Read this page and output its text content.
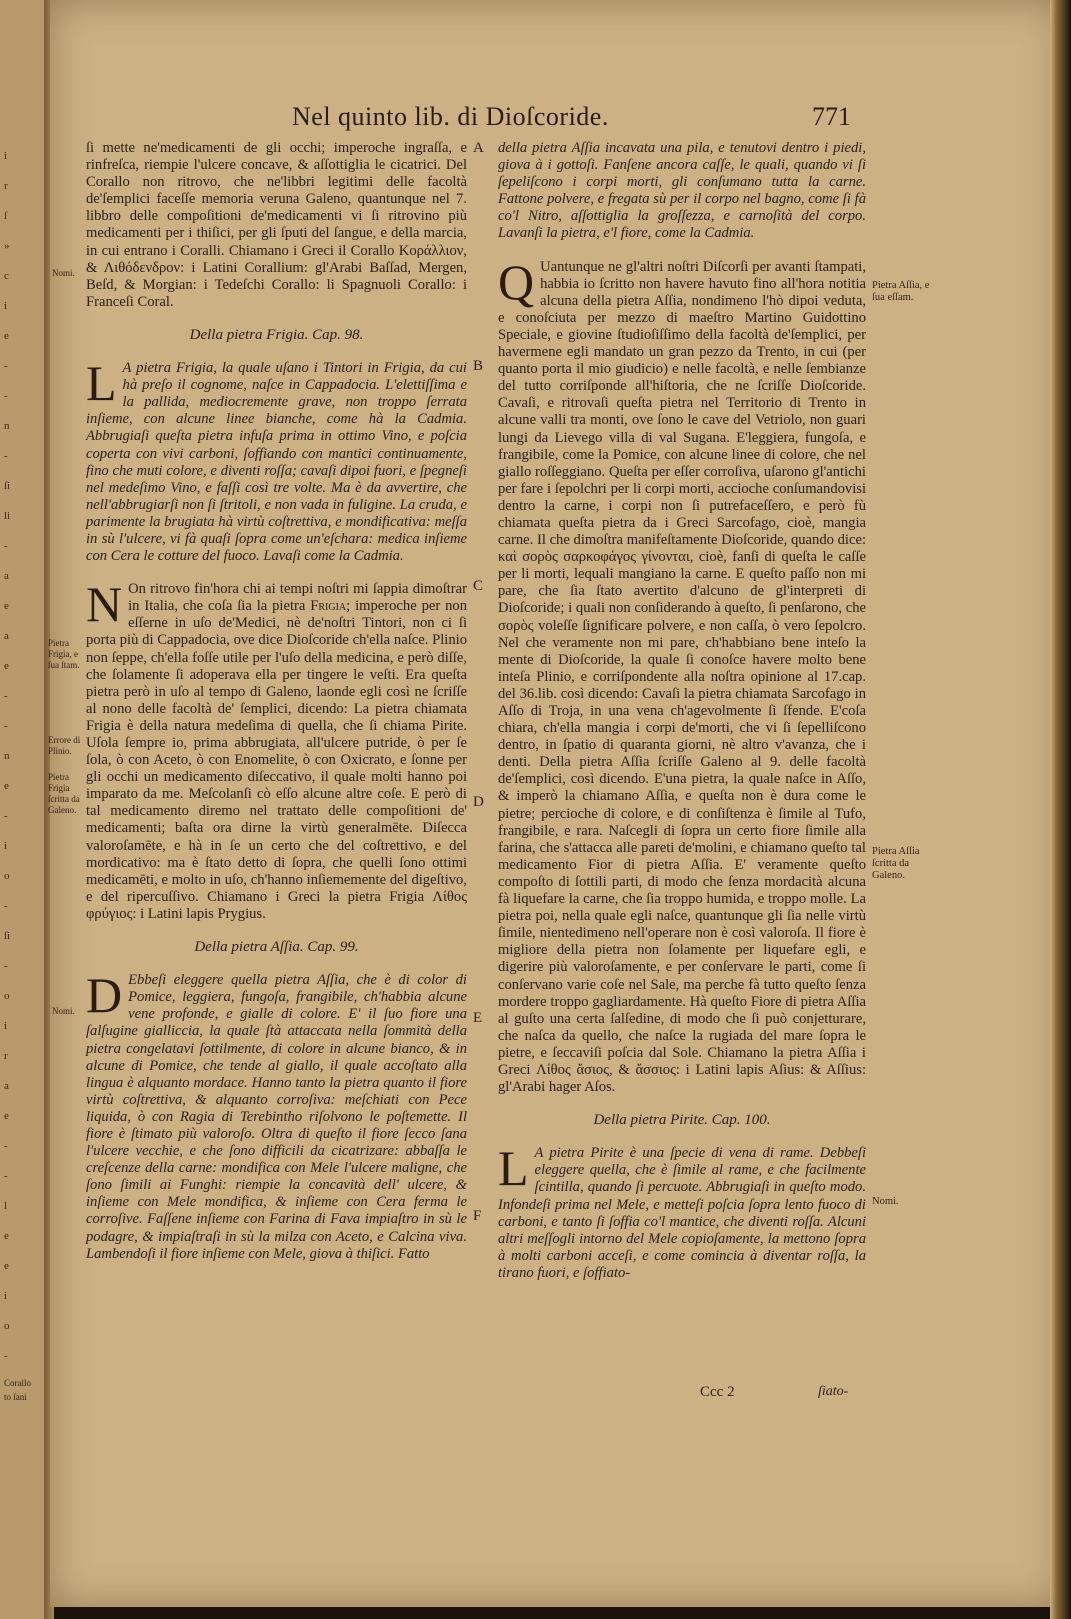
i
r
ſ
»
c
i
e
-
-
n
-
ſi
li
-
a
e
a
e
-
-
n
e
-
i
o
-
ſi
-
o
i
r
a
e
-
-
l
e
e
i
o
-
Nel quinto lib. di Dioſcoride.	771

ſi mette ne'medicamenti de gli occhi; imperoche ingraſſa, e rinfreſca, riempie l'ulcere concave, & aſſottiglia le cicatrici. Del Corallo non ritrovo, che ne'libbri legitimi delle facoltà de'ſemplici faceſſe memoria veruna Galeno, quantunque nel 7. libbro delle compoſitioni de'medicamenti vi ſi ritrovino più medicamenti per i thiſici, per gli ſputi del ſangue, e della marcia, in cui entrano i Coralli. Chiamano i Greci il Corallo Κοράλλιον, & Λιθόδενδρον: i Latini Corallium: gl'Arabi Baſſad, Mergen, Beſd, & Morgian: i Tedeſchi Corallo: li Spagnuoli Corallo: i Franceſi Coral.

Della pietra Frigia. Cap. 98.

L A pietra Frigia, la quale uſano i Tintori in Frigia, da cui hà preſo il cognome, naſce in Cappadocia. L'elettiſſima e la pallida, mediocremente grave, non troppo ſerrata inſieme, con alcune linee bianche, come hà la Cadmia. Abbrugiaſi queſta pietra infuſa prima in ottimo Vino, e poſcia coperta con vivi carboni, ſoffiando con mantici continuamente, fino che muti colore, e diventi roſſa; cavaſi dipoi fuori, e ſpegneſi nel medeſimo Vino, e faſſi così tre volte. Ma è da avvertire, che nell'abbrugiarſi non ſi ſtritoli, e non vada in fuligine. La cruda, e parimente la brugiata hà virtù coſtrettiva, e mondificativa: meſſa in sù l'ulcere, vi fà quaſi ſopra come un'eſchara: medica inſieme con Cera le cotture del fuoco. Lavaſi come la Cadmia.

N On ritrovo fin'hora chi ai tempi noſtri mi ſappia dimoſtrar in Italia, che coſa ſia la pietra Frigia; imperoche per non eſſerne in uſo de'Medici, nè de'noſtri Tintori, non ci ſi porta più di Cappadocia, ove dice Dioſcoride ch'ella naſce. Plinio non ſeppe, ch'ella foſſe utile per l'uſo della medicina, e però diſſe, che ſolamente ſi adoperava ella per tingere le veſti. Era queſta pietra però in uſo al tempo di Galeno, laonde egli così ne ſcriſſe al nono delle facoltà de' ſemplici, dicendo: La pietra chiamata Frigia è della natura medeſima di quella, che ſi chiama Pirite. Uſola ſempre io, prima abbrugiata, all'ulcere putride, ò per ſe ſola, ò con Aceto, ò con Enomelite, ò con Oxicrato, e ſonne per gli occhi un medicamento diſeccativo, il quale molti hanno poi imparato da me. Meſcolanſi cò eſſo alcune altre coſe. E però di tal medicamento diremo nel trattato delle compoſitioni de' medicamenti; baſta ora dirne la virtù generalmēte. Diſecca valoroſamēte, e hà in ſe un certo che del coſtrettivo, e del mordicativo: ma è ſtato detto di ſopra, che quelli ſono ottimi medicamēti, e molto in uſo, ch'hanno inſiememente del digeſtivo, e del ripercuſſivo. Chiamano i Greci la pietra Frigia Λίθος φρύγιος: i Latini lapis Prygius.

Della pietra Aſſia. Cap. 99.

D Ebbeſi eleggere quella pietra Aſſia, che è di color di Pomice, leggiera, fungoſa, frangibile, ch'habbia alcune vene profonde, e gialle di colore. E' il ſuo fiore una ſalſugine gialliccia, la quale ſtà attaccata nella ſommità della pietra congelatavi ſottilmente, di colore in alcune bianco, & in alcune di Pomice, che tende al giallo, il quale accoſtato alla lingua è alquanto mordace. Hanno tanto la pietra quanto il fiore virtù coſtrettiva, & alquanto corroſiva: meſchiati con Pece liquida, ò con Ragia di Terebintho riſolvono le poſtemette. Il fiore è ſtimato più valoroſo. Oltra di queſto il fiore ſecco ſana l'ulcere vecchie, e che ſono difficili da cicatrizare: abbaſſa le creſcenze della carne: mondifica con Mele l'ulcere maligne, che ſono ſimili ai Funghi: riempie la concavità dell' ulcere, & inſieme con Mele mondifica, & inſieme con Cera ferma le corroſive. Faſſene inſieme con Farina di Fava impiaſtro in sù le podagre, & impiaſtraſi in sù la milza con Aceto, e Calcina viva. Lambendoſi il fiore inſieme con Mele, giova à thiſici. Fatto

della pietra Aſſia incavata una pila, e tenutovi dentro i piedi, giova à i gottoſi. Fanſene ancora caſſe, le quali, quando vi ſi ſepeliſcono i corpi morti, gli conſumano tutta la carne. Fattone polvere, e fregata sù per il corpo nel bagno, come ſi fà co'l Nitro, aſſottiglia la groſſezza, e carnoſità del corpo. Lavanſi la pietra, e'l fiore, come la Cadmia.

Q Uantunque ne gl'altri noſtri Diſcorſi per avanti ſtampati, habbia io ſcritto non havere havuto fino all'hora notitia alcuna della pietra Aſſia, nondimeno l'hò dipoi veduta, e conoſciuta per mezzo di maeſtro Martino Guidottino Speciale, e giovine ſtudioſiſſimo della facoltà de'ſemplici, per havermene egli mandato un gran pezzo da Trento, in cui (per quanto porta il mio giudicio) e nelle facoltà, e nelle ſembianze del tutto corriſponde all'hiſtoria, che ne ſcriſſe Dioſcoride. Cavaſi, e ritrovaſi queſta pietra nel Territorio di Trento in alcune valli tra monti, ove ſono le cave del Vetriolo, non guari lungi da Lievego villa di val Sugana. E'leggiera, fungoſa, e frangibile, come la Pomice, con alcune linee di colore, che nel giallo roſſeggiano. Queſta per eſſer corroſiva, uſarono gl'antichi per fare i ſepolchri per li corpi morti, accioche conſumandovisi dentro la carne, i corpi non ſi putrefaceſſero, e però fù chiamata queſta pietra da i Greci Sarcofago, cioè, mangia carne. Il che dimoſtra manifeſtamente Dioſcoride, quando dice: καὶ σορὸς σαρκοφάγος γίνονται, cioè, fanſi di queſta le caſſe per li morti, lequali mangiano la carne. E queſto paſſo non mi pare, che ſia ſtato avertito d'alcuno de gl'interpreti di Dioſcoride; i quali non conſiderando à queſto, ſi penſarono, che σορὸς voleſſe ſignificare polvere, e non caſſa, ò vero ſepolcro. Nel che veramente non mi pare, ch'habbiano bene inteſo la mente di Dioſcoride, la quale ſi conoſce havere molto bene inteſa Plinio, e corriſpondente alla noſtra opinione al 17.cap. del 36.lib. così dicendo: Cavaſi la pietra chiamata Sarcofago in Aſſo di Troja, in una vena ch'agevolmente ſi ſfende. E'coſa chiara, ch'ella mangia i corpi de'morti, che vi ſi ſepelliſcono dentro, in ſpatio di quaranta giorni, nè altro v'avanza, che i denti. Della pietra Aſſia ſcriſſe Galeno al 9. delle facoltà de'ſemplici, così dicendo. E'una pietra, la quale naſce in Aſſo, & imperò la chiamano Aſſia, e queſta non è dura come le pietre; percioche di colore, e di conſiſtenza è ſimile al Tufo, frangibile, e rara. Naſcegli di ſopra un certo fiore ſimile alla farina, che s'attacca alle pareti de'molini, e chiamano queſto tal medicamento Fior di pietra Aſſia. E' veramente queſto compoſto di ſottili parti, di modo che ſenza mordacità alcuna fà liquefare la carne, che ſia troppo humida, e troppo molle. La pietra poi, nella quale egli naſce, quantunque gli ſia nelle virtù ſimile, nientedimeno nell'operare non è così valoroſa. Il fiore è migliore della pietra non ſolamente per liquefare egli, e digerire più valoroſamente, e per conſervare le parti, come ſi conſervano varie coſe nel Sale, ma perche fà tutto queſto ſenza mordere troppo gagliardamente. Hà queſto Fiore di pietra Aſſia al guſto una certa ſalſedine, di modo che ſi può conjetturare, che naſca da quello, che naſce la rugiada del mare ſopra le pietre, e ſeccaviſi poſcia dal Sole. Chiamano la pietra Aſſia i Greci Λίθος ἄσιος, & ἄσσιος: i Latini lapis Aſius: & Aſſius: gl'Arabi hager Aſos.

Della pietra Pirite. Cap. 100.

L A pietra Pirite è una ſpecie di vena di rame. Debbeſi eleggere quella, che è ſimile al rame, e che facilmente ſcintilla, quando ſi percuote. Abbrugiaſi in queſto modo. Infondeſi prima nel Mele, e metteſi poſcia ſopra lento fuoco di carboni, e tanto ſi ſoffia co'l mantice, che diventi roſſa. Alcuni altri meſſogli intorno del Mele copioſamente, la mettono ſopra à molti carboni acceſi, e come comincia à diventar roſſa, la tirano fuori, e ſoffiato-

Nomi.
Pietra Frigia, e ſua ſtam.
Errore di Plinio.
Pietra Frigia ſcritta da Galeno.
Nomi.
Corallo
to ſani
Pietra Aſſia, e ſua eſſam.
Pietra Aſſia ſcritta da Galeno.
Nomi.
A
B
C
D
E
F
Ccc 2	ſiato-
